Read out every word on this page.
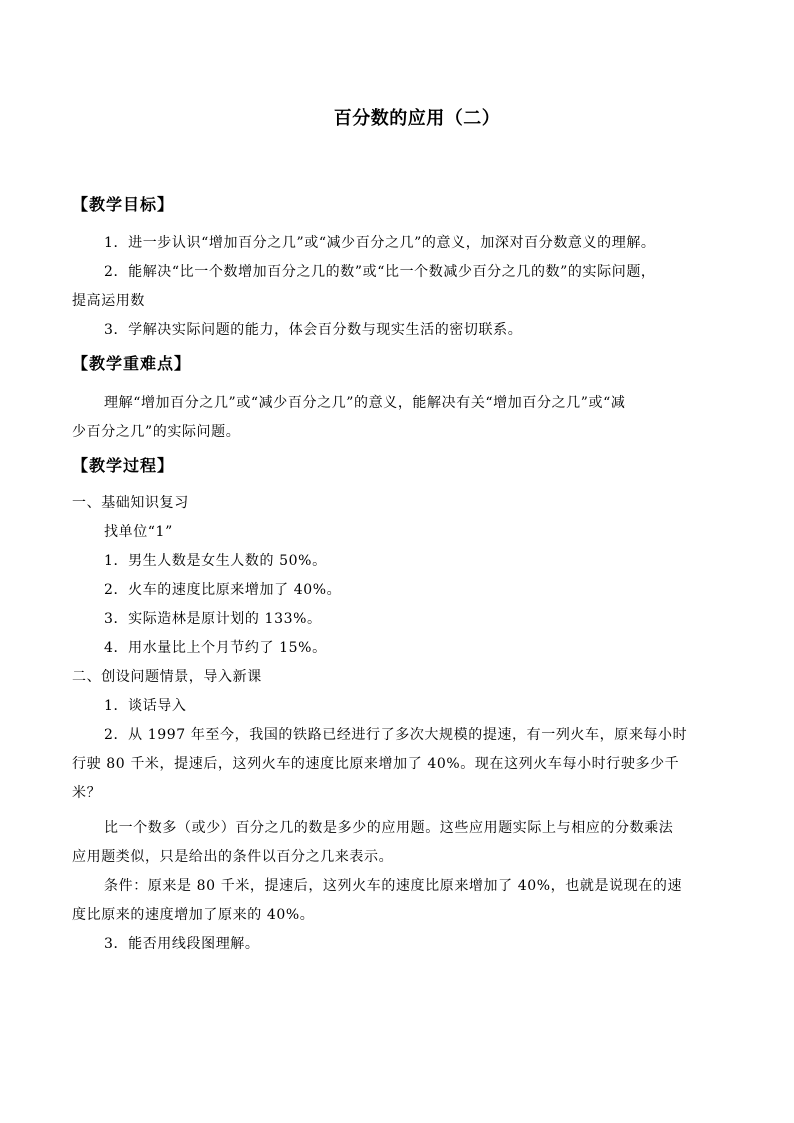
百分数的应用（二）
【教学目标】
1．进一步认识“增加百分之几”或“减少百分之几”的意义，加深对百分数意义的理解。
2．能解决“比一个数增加百分之几的数”或“比一个数减少百分之几的数”的实际问题，
提高运用数
3．学解决实际问题的能力，体会百分数与现实生活的密切联系。
【教学重难点】
理解“增加百分之几”或“减少百分之几”的意义，能解决有关“增加百分之几”或“减
少百分之几”的实际问题。
【教学过程】
一、基础知识复习
找单位“1”
1．男生人数是女生人数的 50%。
2．火车的速度比原来增加了 40%。
3．实际造林是原计划的 133%。
4．用水量比上个月节约了 15%。
二、创设问题情景，导入新课
1．谈话导入
2．从 1997 年至今，我国的铁路已经进行了多次大规模的提速，有一列火车，原来每小时
行驶 80 千米，提速后，这列火车的速度比原来增加了 40%。现在这列火车每小时行驶多少千
米？
比一个数多（或少）百分之几的数是多少的应用题。这些应用题实际上与相应的分数乘法
应用题类似，只是给出的条件以百分之几来表示。
条件：原来是 80 千米，提速后，这列火车的速度比原来增加了 40%，也就是说现在的速
度比原来的速度增加了原来的 40%。
3．能否用线段图理解。
